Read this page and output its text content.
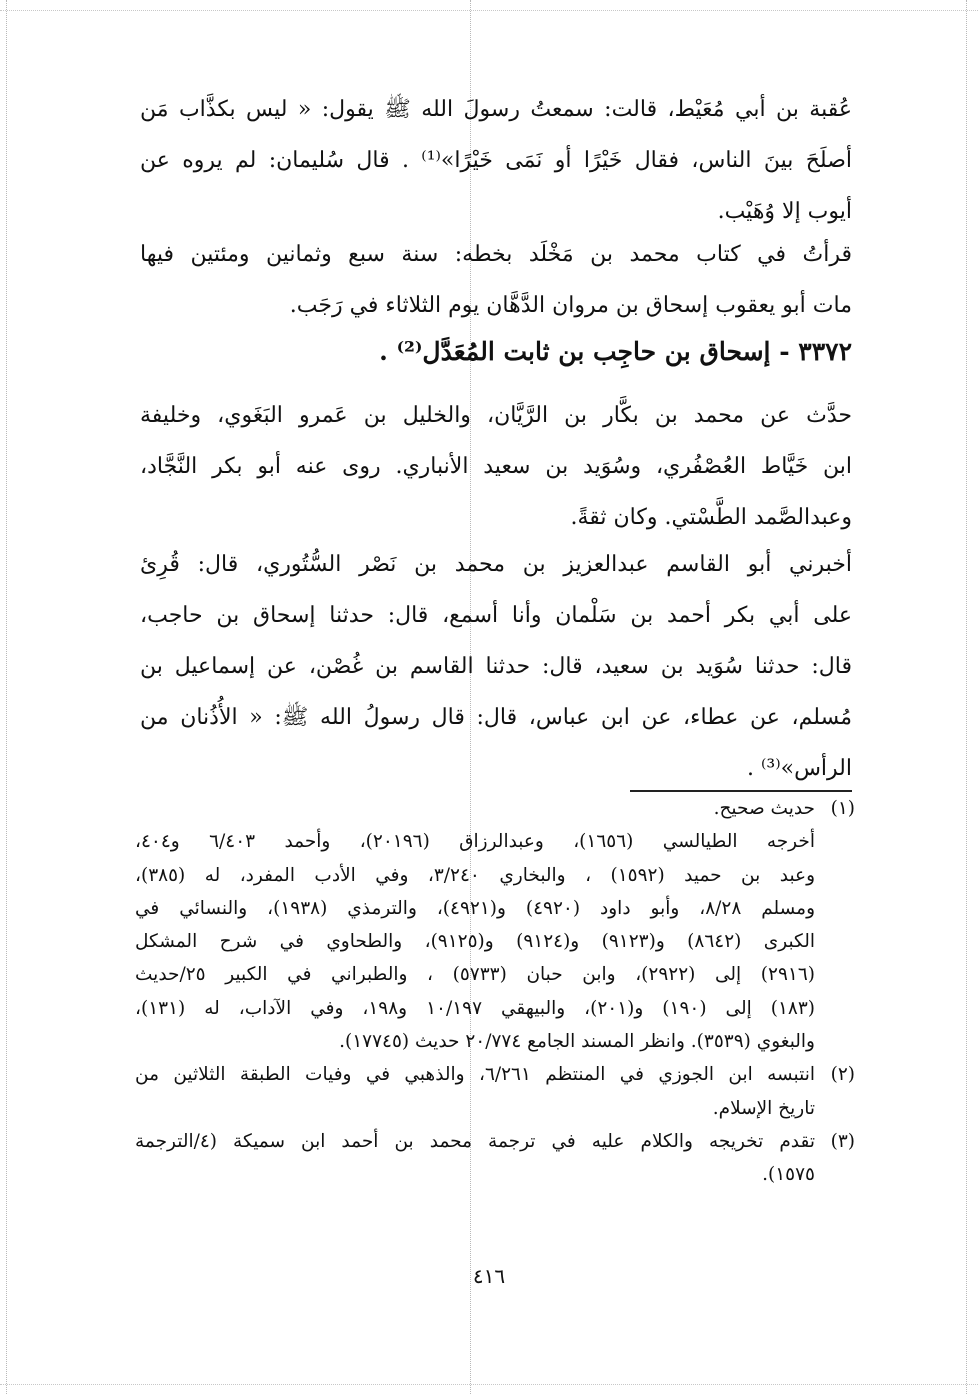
عُقبة بن أبي مُعَيْط، قالت: سمعتُ رسولَ الله ﷺ يقول: « ليس بكذَّاب مَن
أصلَحَ بينَ الناس، فقال خَيْرًا أو نَمَى خَيْرًا»⁽¹⁾ . قال سُليمان: لم يروه عن
أيوب إلا وُهَيْب.
قرأتُ في كتاب محمد بن مَخْلَد بخطه: سنة سبع وثمانين ومئتين فيها
مات أبو يعقوب إسحاق بن مروان الدَّهَّان يوم الثلاثاء في رَجَب.
٣٣٧٢ - إسحاق بن حاجِب بن ثابت المُعَدَّل⁽²⁾ .
حدَّث عن محمد بن بكَّار بن الرَّيَّان، والخليل بن عَمرو البَغَوي، وخليفة
ابن خَيَّاط العُصْفُري، وسُوَيد بن سعيد الأنباري. روى عنه أبو بكر النَّجَّاد،
وعبدالصَّمد الطَّسْتي. وكان ثقةً.
أخبرني أبو القاسم عبدالعزيز بن محمد بن نَصْر السُّتُوري، قال: قُرِئ
على أبي بكر أحمد بن سَلْمان وأنا أسمع، قال: حدثنا إسحاق بن حاجب،
قال: حدثنا سُوَيد بن سعيد، قال: حدثنا القاسم بن غُصْن، عن إسماعيل بن
مُسلم، عن عطاء، عن ابن عباس، قال: قال رسولُ الله ﷺ: « الأُذُنان من
الرأس»⁽³⁾ .
(١)
حديث صحيح.
أخرجه الطيالسي (١٦٥٦)، وعبدالرزاق (٢٠١٩٦)، وأحمد ٦/٤٠٣ و٤٠٤،
وعبد بن حميد (١٥٩٢) ، والبخاري ٣/٢٤٠، وفي الأدب المفرد، له (٣٨٥)،
ومسلم ٨/٢٨، وأبو داود (٤٩٢٠) و(٤٩٢١)، والترمذي (١٩٣٨)، والنسائي في
الكبرى (٨٦٤٢) و(٩١٢٣) و(٩١٢٤) و(٩١٢٥)، والطحاوي في شرح المشكل
(٢٩١٦) إلى (٢٩٢٢)، وابن حبان (٥٧٣٣) ، والطبراني في الكبير ٢٥/حديث
(١٨٣) إلى (١٩٠) و(٢٠١)، والبيهقي ١٠/١٩٧ و١٩٨، وفي الآداب، له (١٣١)،
والبغوي (٣٥٣٩). وانظر المسند الجامع ٢٠/٧٧٤ حديث (١٧٧٤٥).
(٢)
انتبسه ابن الجوزي في المنتظم ٦/٢٦١، والذهبي في وفيات الطبقة الثلاثين من
تاريخ الإسلام.
(٣)
تقدم تخريجه والكلام عليه في ترجمة محمد بن أحمد ابن سميكة (٤/الترجمة
١٥٧٥).
٤١٦
